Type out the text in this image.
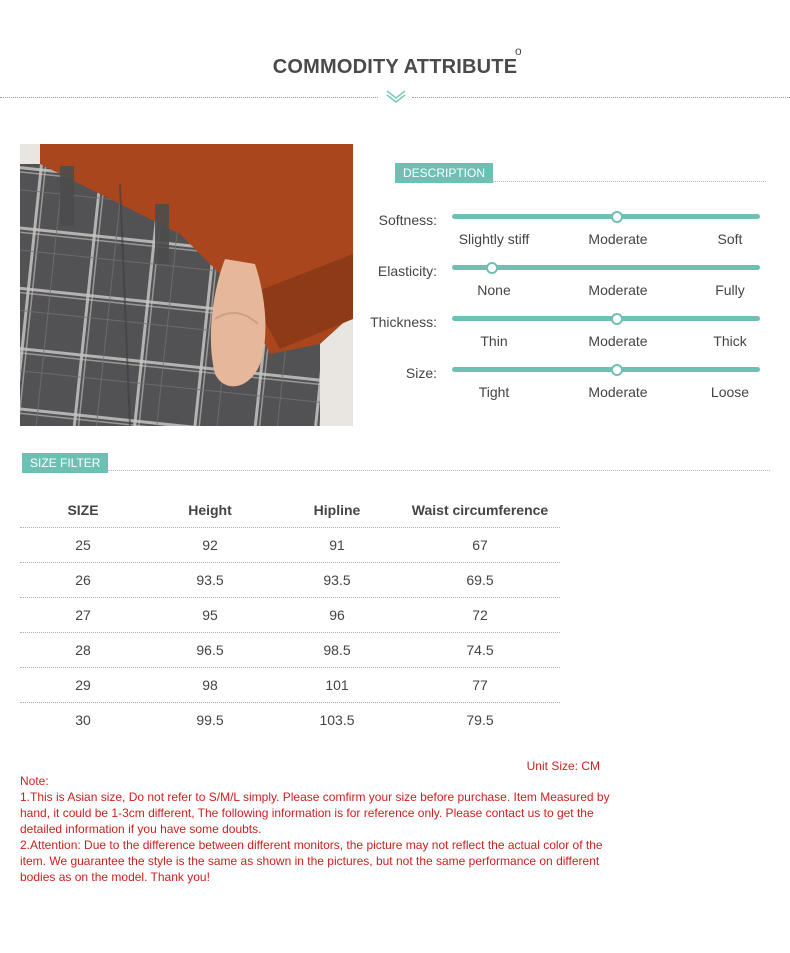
COMMODITY ATTRIBUTE
o
DESCRIPTION
Softness:
Slightly stiff	Moderate	Soft
Elasticity:
None	Moderate	Fully
Thickness:
Thin	Moderate	Thick
Size:
Tight	Moderate	Loose
SIZE FILTER
SIZE	Height	Hipline	Waist circumference
25	92	91	67
26	93.5	93.5	69.5
27	95	96	72
28	96.5	98.5	74.5
29	98	101	77
30	99.5	103.5	79.5
Unit Size: CM
Note:
1.This is Asian size, Do not refer to S/M/L simply. Please comfirm your size before purchase. Item Measured by hand, it could be 1-3cm different, The following information is for reference only. Please contact us to get the detailed information if you have some doubts.
2.Attention: Due to the difference between different monitors, the picture may not reflect the actual color of the item. We guarantee the style is the same as shown in the pictures, but not the same performance on different bodies as on the model. Thank you!
